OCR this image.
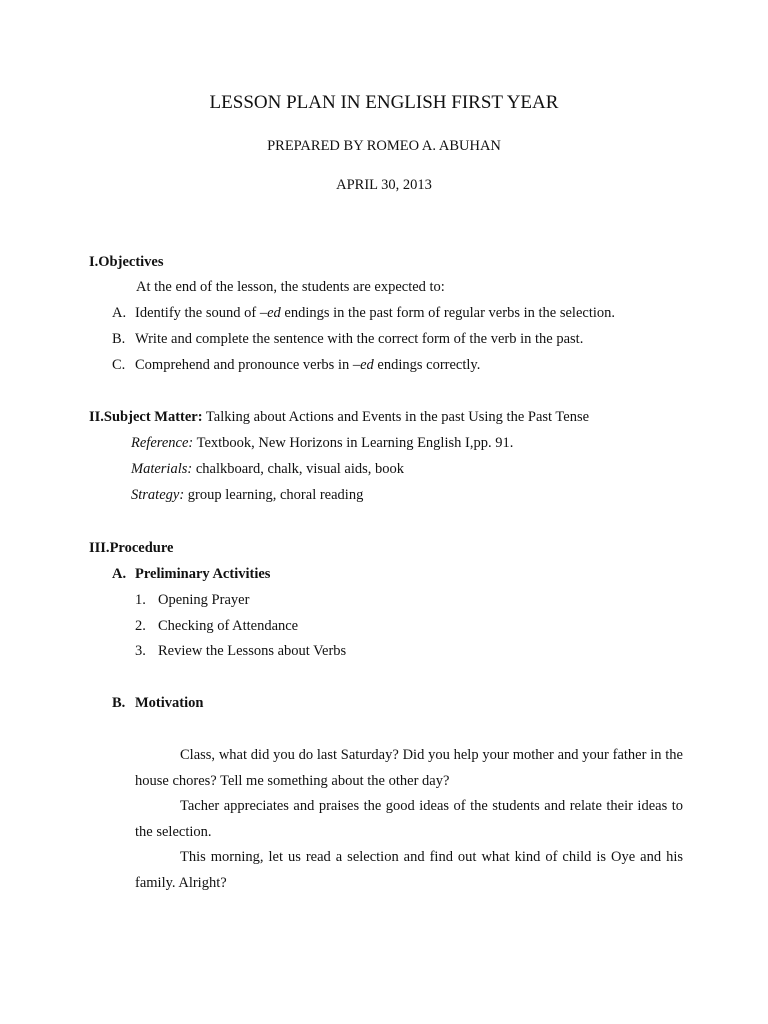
LESSON PLAN IN ENGLISH FIRST YEAR
PREPARED BY ROMEO A. ABUHAN
APRIL 30, 2013
I.Objectives
At the end of the lesson, the students are expected to:
A. Identify the sound of –ed endings in the past form of regular verbs in the selection.
B. Write and complete the sentence with the correct form of the verb in the past.
C. Comprehend and pronounce verbs in –ed endings correctly.
II.Subject Matter: Talking about Actions and Events in the past Using the Past Tense
Reference: Textbook, New Horizons in Learning English I,pp. 91.
Materials: chalkboard, chalk, visual aids, book
Strategy: group learning, choral reading
III.Procedure
A. Preliminary Activities
1. Opening Prayer
2. Checking of Attendance
3. Review the Lessons about Verbs
B. Motivation

Class, what did you do last Saturday? Did you help your mother and your father in the house chores? Tell me something about the other day?

Tacher appreciates and praises the good ideas of the students and relate their ideas to the selection.

This morning, let us read a selection and find out what kind of child is Oye and his family. Alright?
